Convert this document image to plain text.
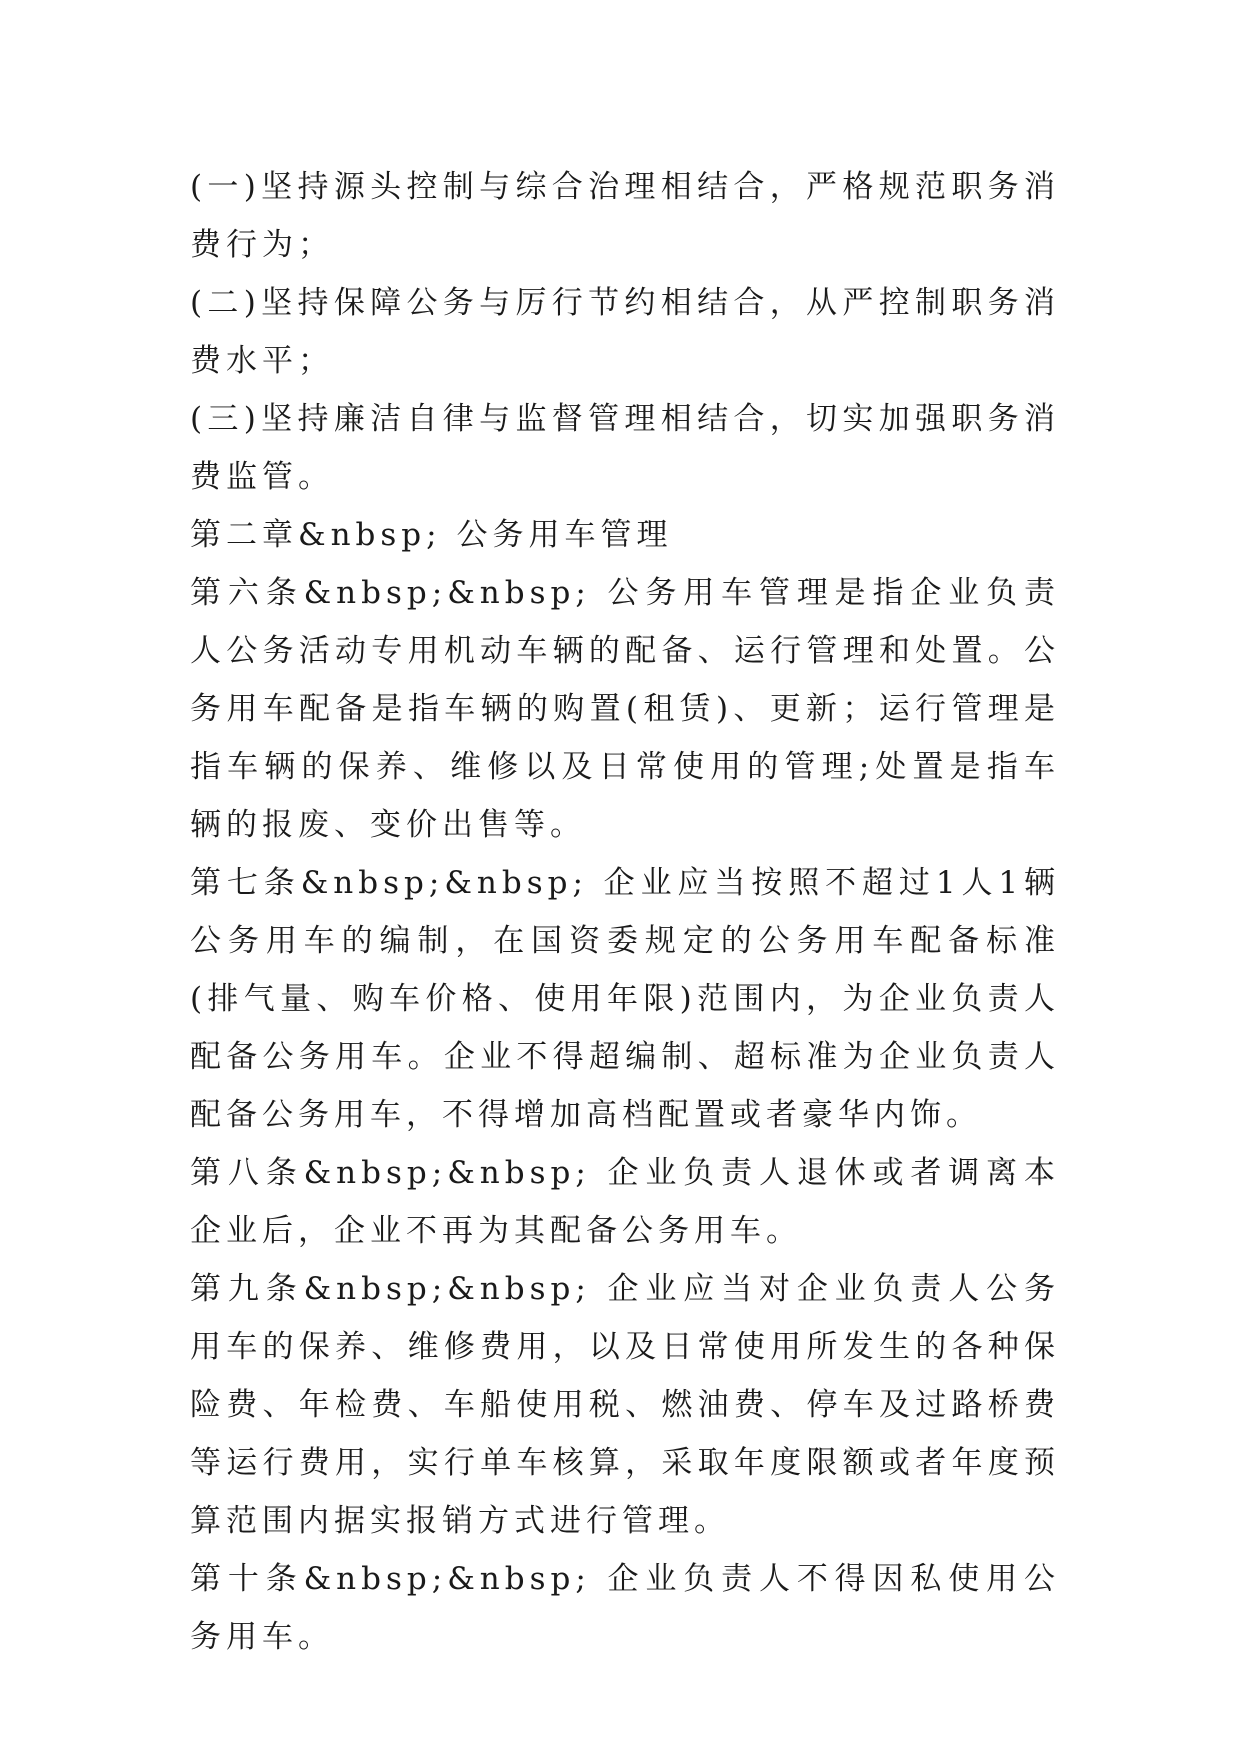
(一)坚持源头控制与综合治理相结合，严格规范职务消费行为；

(二)坚持保障公务与厉行节约相结合，从严控制职务消费水平；

(三)坚持廉洁自律与监督管理相结合，切实加强职务消费监管。

第二章&nbsp; 公务用车管理

第六条&nbsp;&nbsp; 公务用车管理是指企业负责人公务活动专用机动车辆的配备、运行管理和处置。公务用车配备是指车辆的购置(租赁)、更新；运行管理是指车辆的保养、维修以及日常使用的管理;处置是指车辆的报废、变价出售等。

第七条&nbsp;&nbsp; 企业应当按照不超过1人1辆公务用车的编制，在国资委规定的公务用车配备标准(排气量、购车价格、使用年限)范围内，为企业负责人配备公务用车。企业不得超编制、超标准为企业负责人配备公务用车，不得增加高档配置或者豪华内饰。

第八条&nbsp;&nbsp; 企业负责人退休或者调离本企业后，企业不再为其配备公务用车。

第九条&nbsp;&nbsp; 企业应当对企业负责人公务用车的保养、维修费用，以及日常使用所发生的各种保险费、年检费、车船使用税、燃油费、停车及过路桥费等运行费用，实行单车核算，采取年度限额或者年度预算范围内据实报销方式进行管理。

第十条&nbsp;&nbsp; 企业负责人不得因私使用公务用车。
